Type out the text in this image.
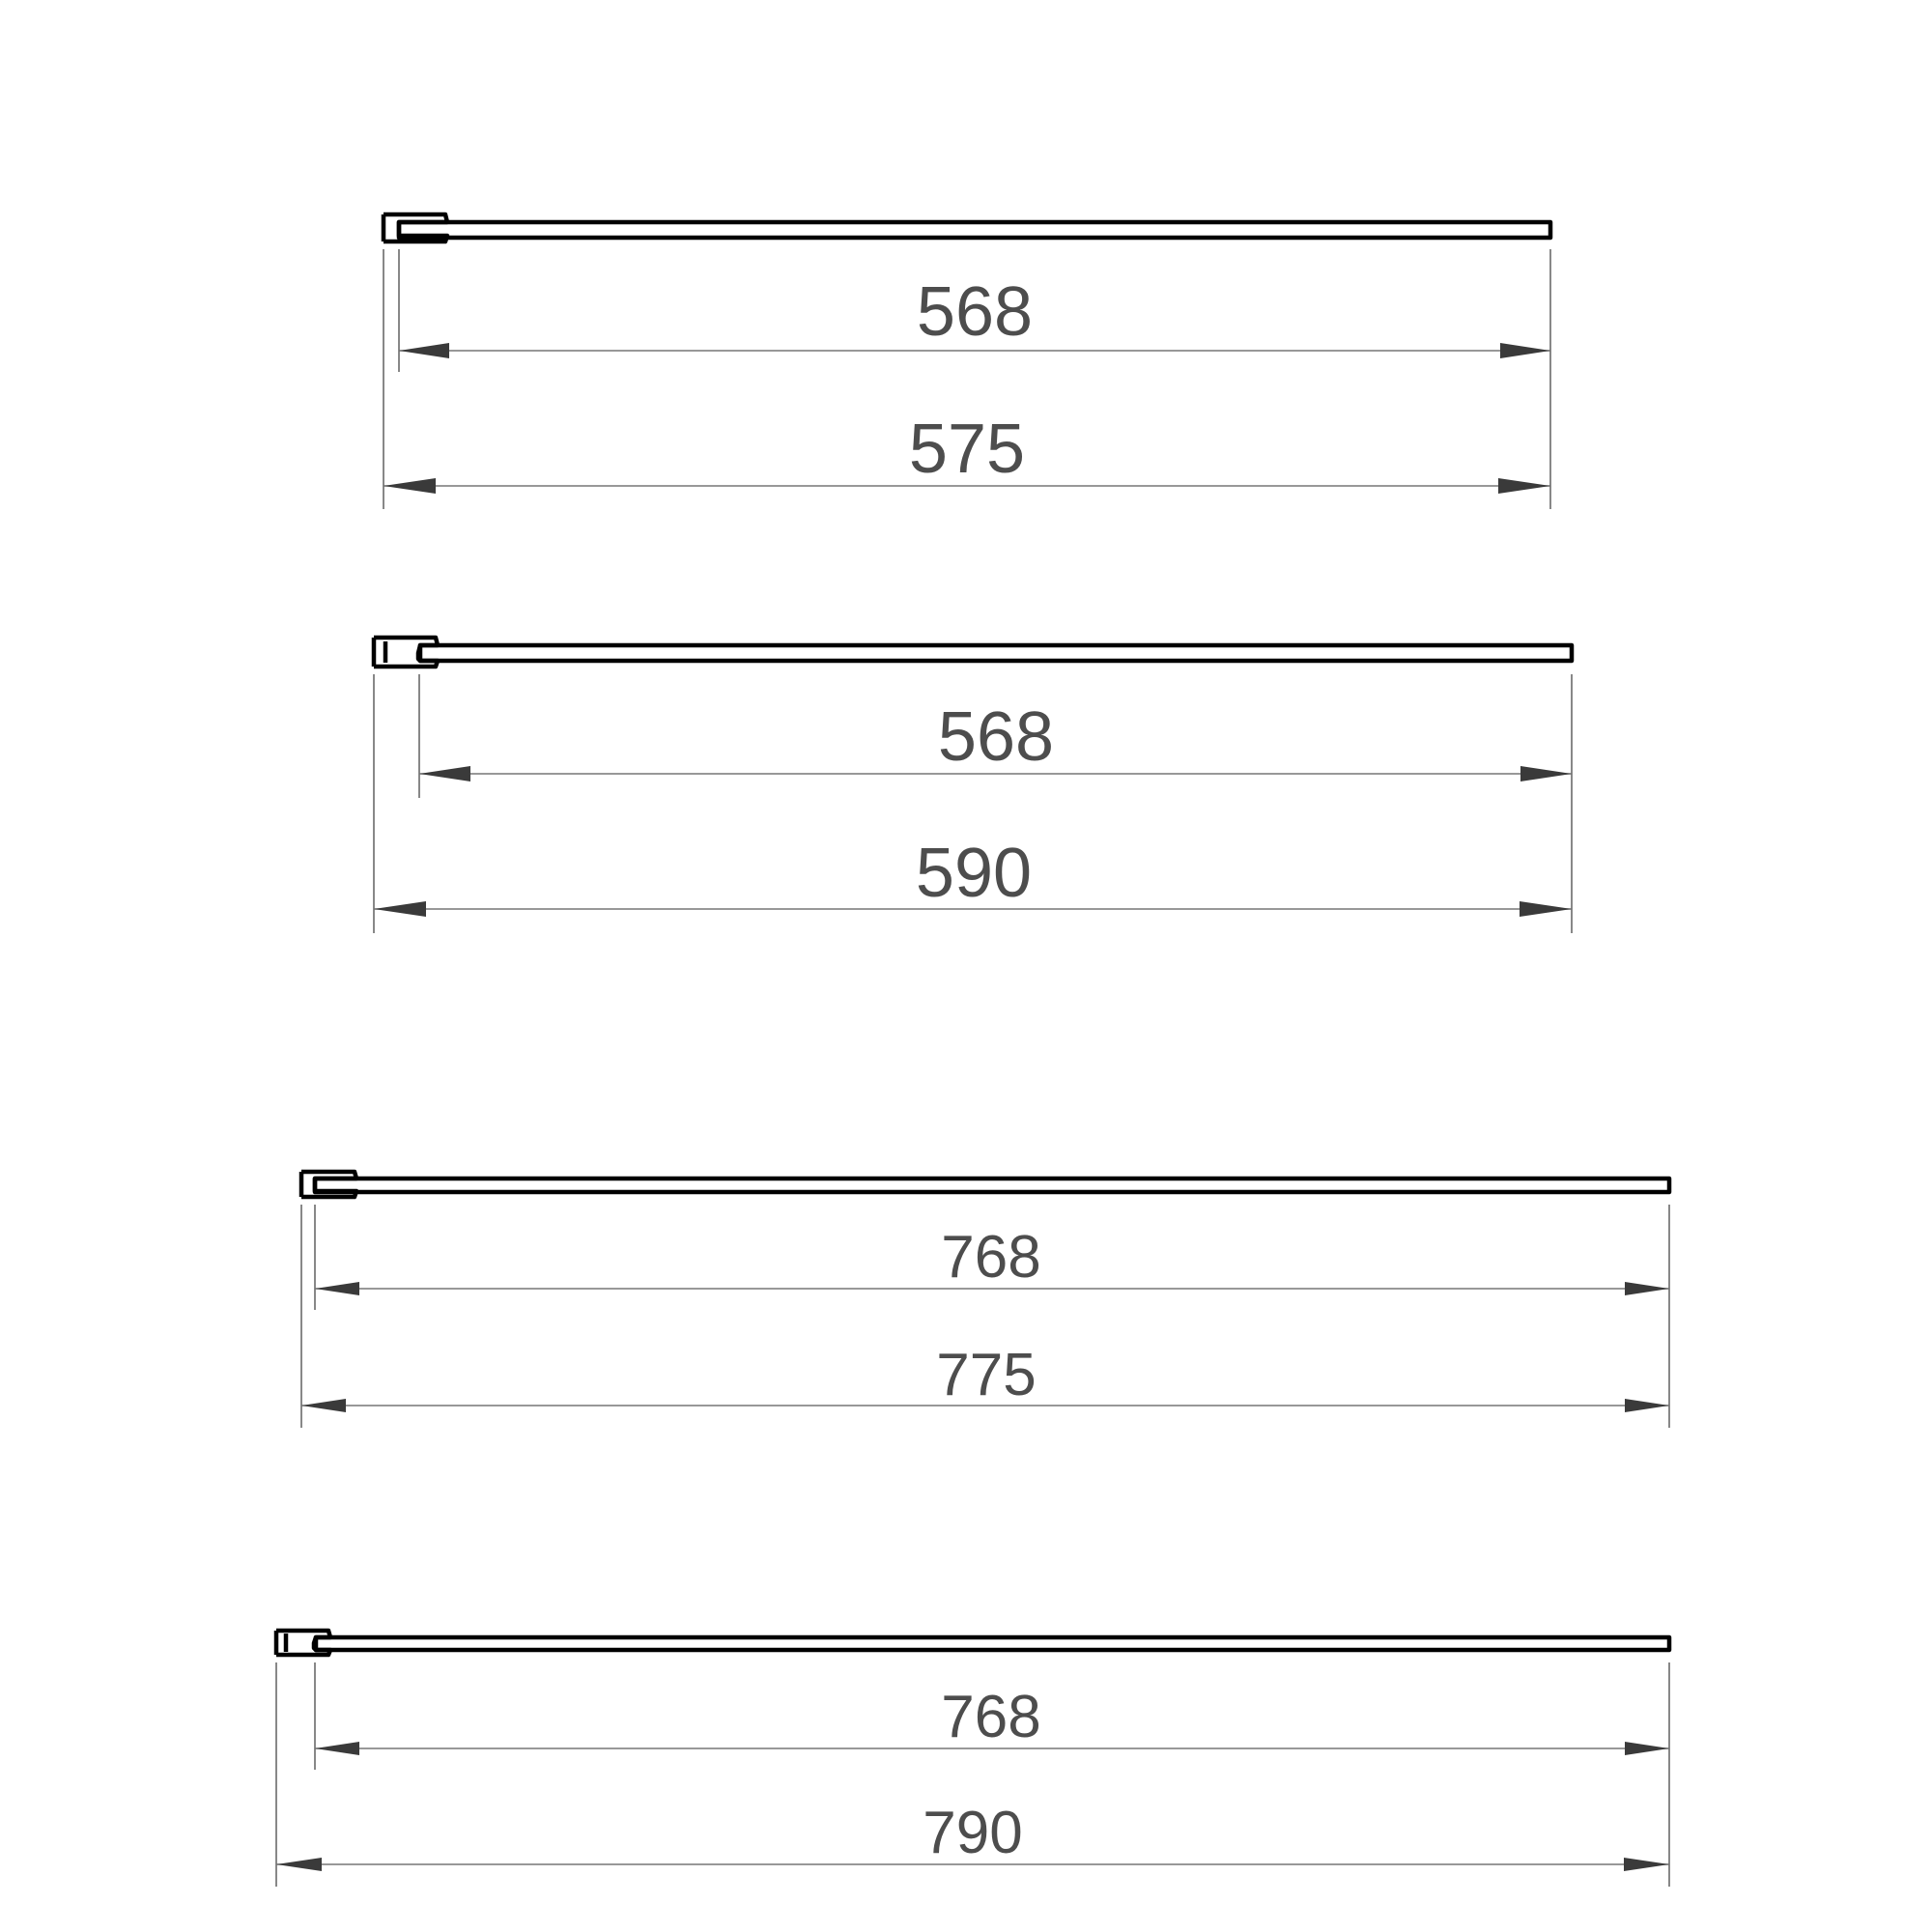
568
575
568
590
768
775
768
790
